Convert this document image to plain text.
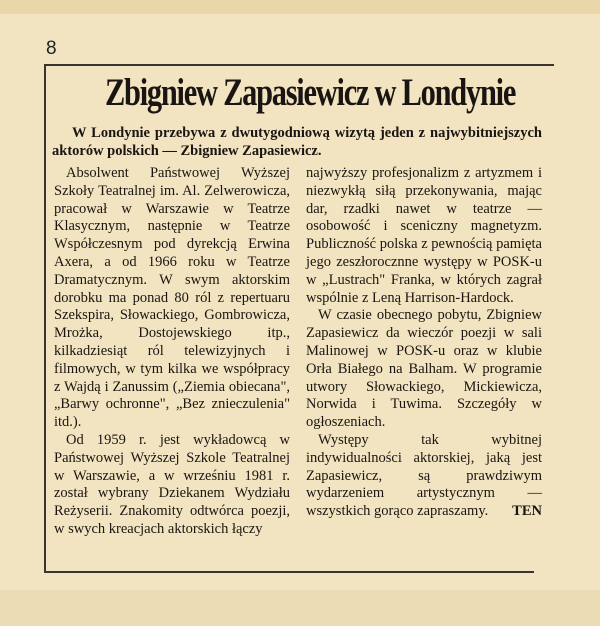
8
Zbigniew Zapasiewicz w Londynie

W Londynie przebywa z dwutygodniową wizytą jeden z najwybitniejszych aktorów polskich — Zbigniew Zapasiewicz.

Absolwent Państwowej Wyższej Szkoły Teatralnej im. Al. Zelwerowicza, pracował w Warszawie w Teatrze Klasycznym, następnie w Teatrze Współczesnym pod dyrekcją Erwina Axera, a od 1966 roku w Teatrze Dramatycznym. W swym aktorskim dorobku ma ponad 80 ról z repertuaru Szekspira, Słowackiego, Gombrowicza, Mrożka, Dostojewskiego itp., kilkadziesiąt ról telewizyjnych i filmowych, w tym kilka we współpracy z Wajdą i Zanussim („Ziemia obiecana", „Barwy ochronne", „Bez znieczulenia" itd.).

Od 1959 r. jest wykładowcą w Państwowej Wyższej Szkole Teatralnej w Warszawie, a w wrześniu 1981 r. został wybrany Dziekanem Wydziału Reżyserii. Znakomity odtwórca poezji, w swych kreacjach aktorskich łączy

najwyższy profesjonalizm z artyzmem i niezwykłą siłą przekonywania, mając dar, rzadki nawet w teatrze — osobowość i sceniczny magnetyzm. Publiczność polska z pewnością pamięta jego zeszłorocznne występy w POSK-u w „Lustrach" Franka, w których zagrał wspólnie z Leną Harrison-Hardock.

W czasie obecnego pobytu, Zbigniew Zapasiewicz da wieczór poezji w sali Malinowej w POSK-u oraz w klubie Orła Białego na Balham. W programie utwory Słowackiego, Mickiewicza, Norwida i Tuwima. Szczegóły w ogłoszeniach.

Występy tak wybitnej indywidualności aktorskiej, jaką jest Zapasiewicz, są prawdziwym wydarzeniem artystycznym — wszystkich gorąco zapraszamy.	TEN
